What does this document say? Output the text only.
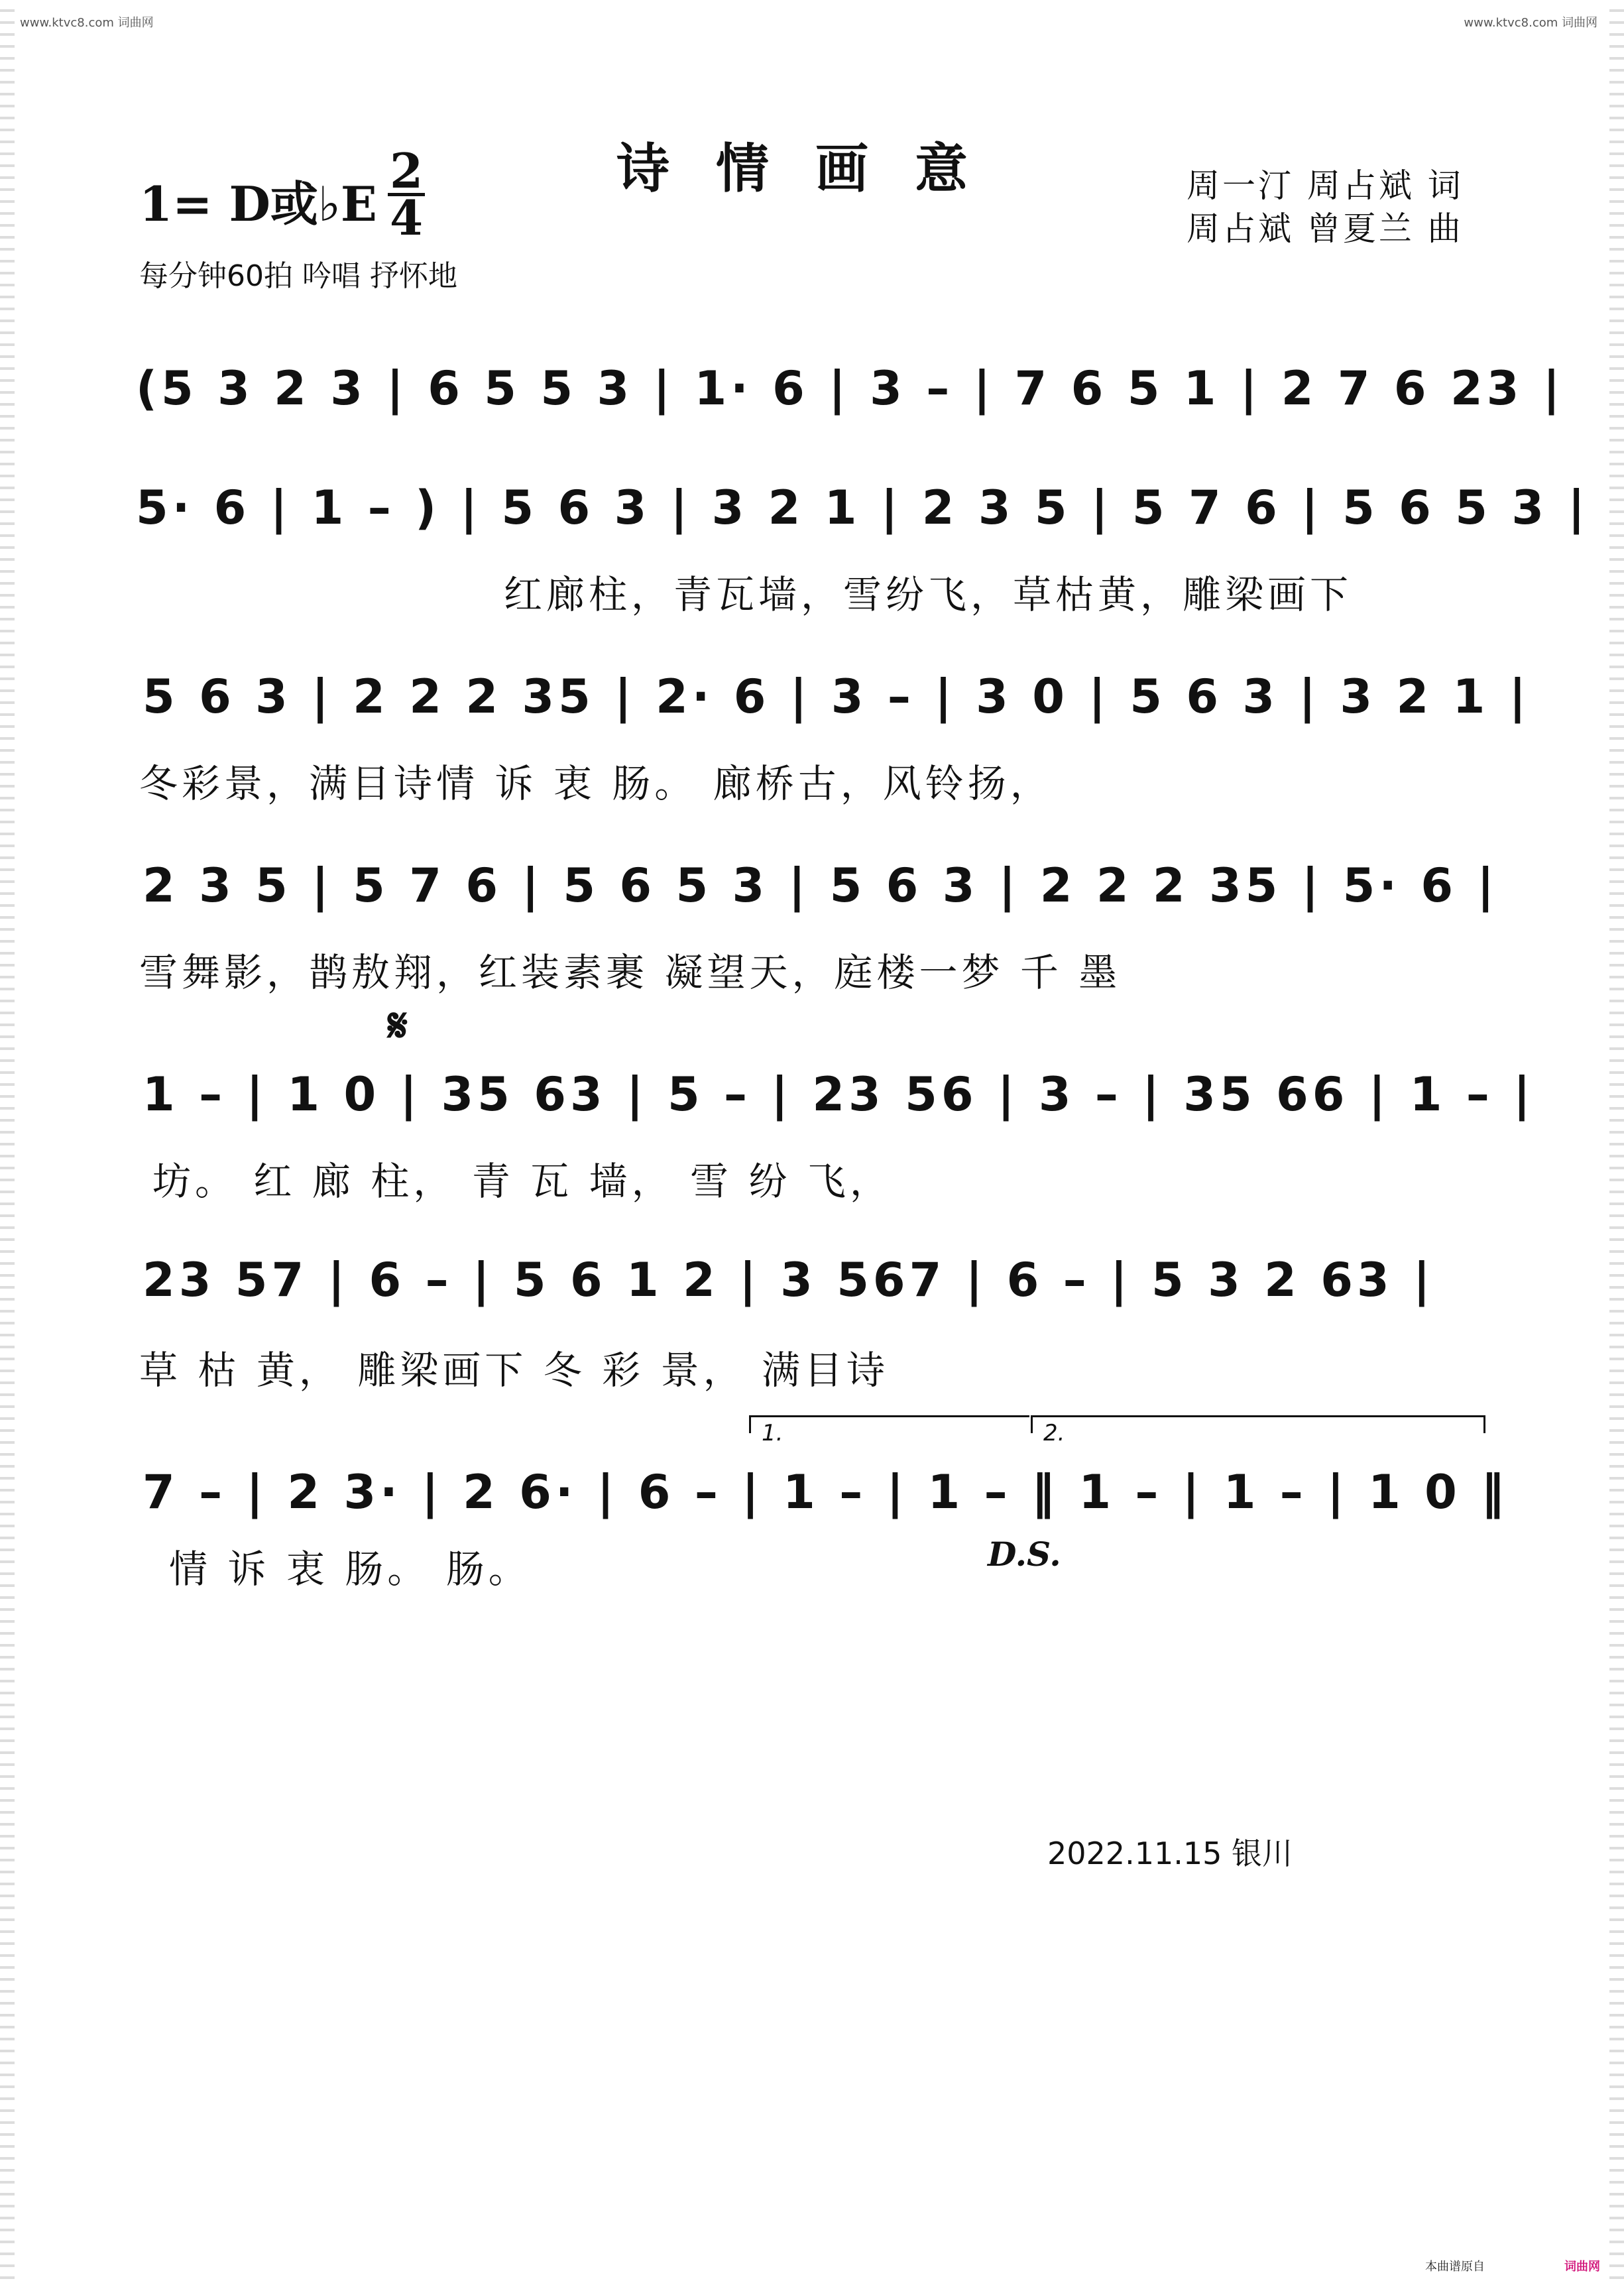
www.ktvc8.com 词曲网	www.ktvc8.com 词曲网
诗情画意
1= D或♭E
2
4
周一汀 周占斌 词
周占斌 曾夏兰 曲
每分钟60拍 吟唱 抒怀地
(5 3 2 3 | 6 5 5 3 | 1· 6 | 3 – | 7 6 5 1 | 2 7 6 23 |
5· 6 | 1 – ) | 5 6 3 | 3 2 1 | 2 3 5 | 5 7 6 | 5 6 5 3 |
红廊柱，青瓦墙，雪纷飞，草枯黄，雕梁画下
5 6 3 | 2 2 2 35 | 2· 6 | 3 – | 3 0 | 5 6 3 | 3 2 1 |
冬彩景，满目诗情 诉 衷 肠。 廊桥古，风铃扬，
2 3 5 | 5 7 6 | 5 6 5 3 | 5 6 3 | 2 2 2 35 | 5· 6 |
雪舞影，鹊敖翔，红装素裹 凝望天，庭楼一梦 千 墨
𝄋
1 – | 1 0 | 35 63 | 5 – | 23 56 | 3 – | 35 66 | 1 – |
坊。 红 廊 柱， 青 瓦 墙， 雪 纷 飞，
23 57 | 6 – | 5 6 1 2 | 3 567 | 6 – | 5 3 2 63 |
草 枯 黄， 雕梁画下 冬 彩 景， 满目诗
1.	2.
7 – | 2 3· | 2 6· | 6 – | 1 – | 1 – ‖ 1 – | 1 – | 1 0 ‖
情 诉 衷 肠。 肠。	D.S.
2022.11.15 银川
本曲谱原自	词曲网
